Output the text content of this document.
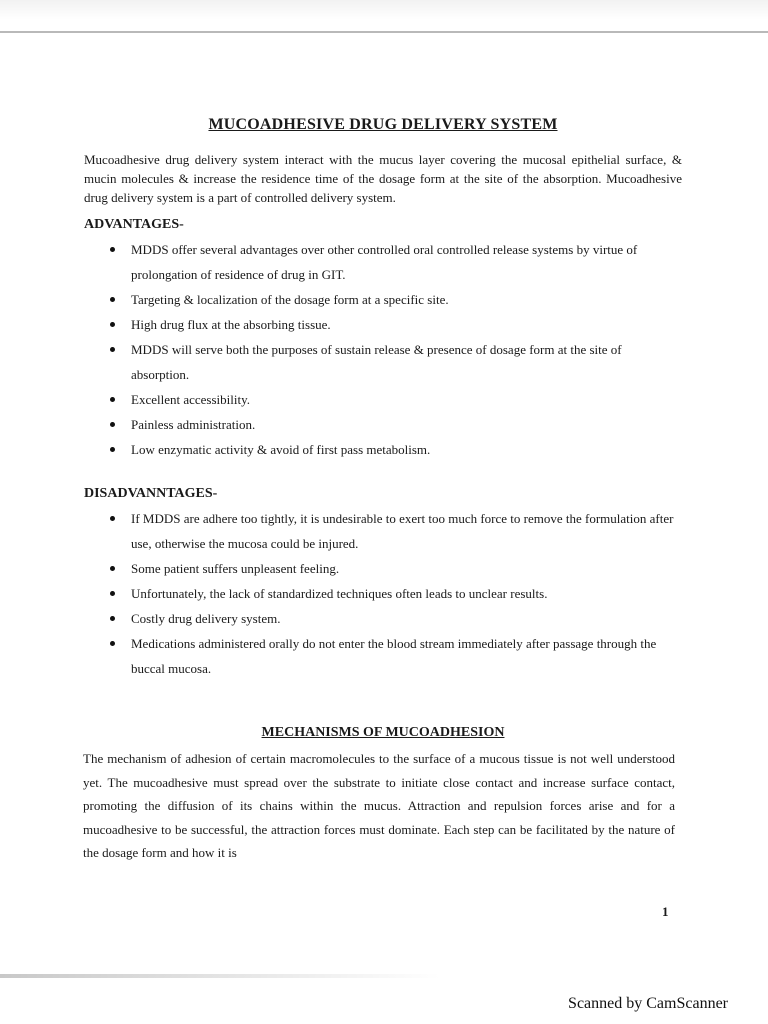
MUCOADHESIVE DRUG DELIVERY SYSTEM

Mucoadhesive drug delivery system interact with the mucus layer covering the mucosal epithelial surface, & mucin molecules & increase the residence time of the dosage form at the site of the absorption. Mucoadhesive drug delivery system is a part of controlled delivery system.

ADVANTAGES-
MDDS offer several advantages over other controlled oral controlled release systems by virtue of prolongation of residence of drug in GIT.
Targeting & localization of the dosage form at a specific site.
High drug flux at the absorbing tissue.
MDDS will serve both the purposes of sustain release & presence of dosage form at the site of absorption.
Excellent accessibility.
Painless administration.
Low enzymatic activity & avoid of first pass metabolism.
DISADVANNTAGES-
If MDDS are adhere too tightly, it is undesirable to exert too much force to remove the formulation after use, otherwise the mucosa could be injured.
Some patient suffers unpleasent feeling.
Unfortunately, the lack of standardized techniques often leads to unclear results.
Costly drug delivery system.
Medications administered orally do not enter the blood stream immediately after passage through the buccal mucosa.
MECHANISMS OF MUCOADHESION

The mechanism of adhesion of certain macromolecules to the surface of a mucous tissue is not well understood yet. The mucoadhesive must spread over the substrate to initiate close contact and increase surface contact, promoting the diffusion of its chains within the mucus. Attraction and repulsion forces arise and for a mucoadhesive to be successful, the attraction forces must dominate. Each step can be facilitated by the nature of the dosage form and how it is

1
Scanned by CamScanner
